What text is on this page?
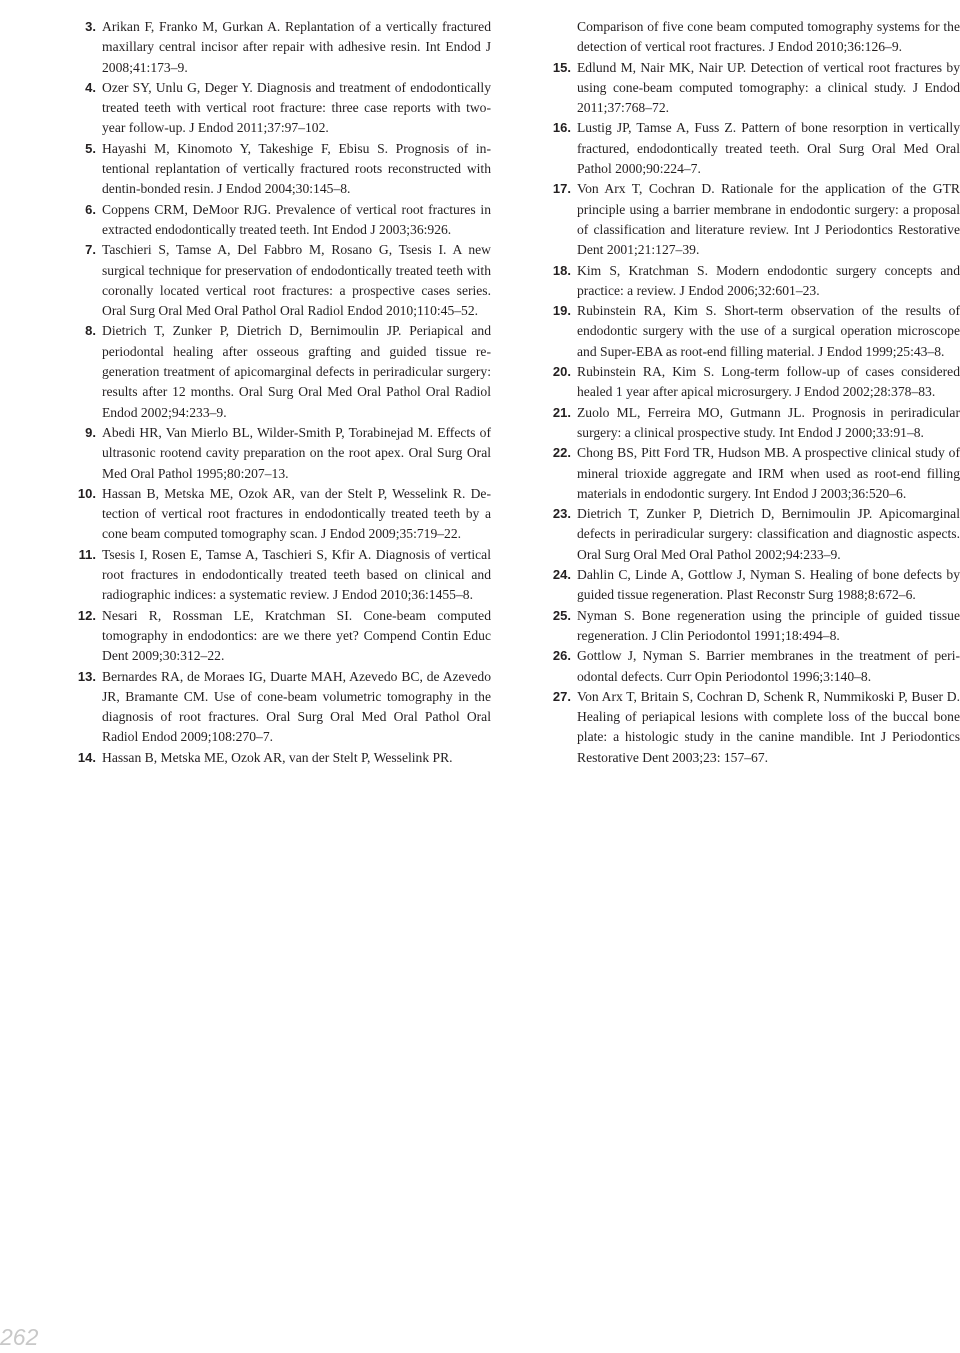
3. Arikan F, Franko M, Gurkan A. Replantation of a vertically fractured maxillary central incisor after repair with adhesive resin. Int Endod J 2008;41:173–9.
4. Ozer SY, Unlu G, Deger Y. Diagnosis and treatment of endodontically treated teeth with vertical root fracture: three case reports with two-year follow-up. J Endod 2011;37:97–102.
5. Hayashi M, Kinomoto Y, Takeshige F, Ebisu S. Prognosis of intentional replantation of vertically fractured roots reconstructed with dentin-bonded resin. J Endod 2004;30:145–8.
6. Coppens CRM, DeMoor RJG. Prevalence of vertical root fractures in extracted endodontically treated teeth. Int Endod J 2003;36:926.
7. Taschieri S, Tamse A, Del Fabbro M, Rosano G, Tsesis I. A new surgical technique for preservation of endodontically treated teeth with coronally located vertical root fractures: a prospective cases series. Oral Surg Oral Med Oral Pathol Oral Radiol Endod 2010;110:45–52.
8. Dietrich T, Zunker P, Dietrich D, Bernimoulin JP. Periapical and periodontal healing after osseous grafting and guided tissue regeneration treatment of apicomarginal defects in periradicular surgery: results after 12 months. Oral Surg Oral Med Oral Pathol Oral Radiol Endod 2002;94:233–9.
9. Abedi HR, Van Mierlo BL, Wilder-Smith P, Torabinejad M. Effects of ultrasonic rootend cavity preparation on the root apex. Oral Surg Oral Med Oral Pathol 1995;80:207–13.
10. Hassan B, Metska ME, Ozok AR, van der Stelt P, Wesselink R. Detection of vertical root fractures in endodontically treated teeth by a cone beam computed tomography scan. J Endod 2009;35:719–22.
11. Tsesis I, Rosen E, Tamse A, Taschieri S, Kfir A. Diagnosis of vertical root fractures in endodontically treated teeth based on clinical and radiographic indices: a systematic review. J Endod 2010;36:1455–8.
12. Nesari R, Rossman LE, Kratchman SI. Cone-beam computed tomography in endodontics: are we there yet? Compend Contin Educ Dent 2009;30:312–22.
13. Bernardes RA, de Moraes IG, Duarte MAH, Azevedo BC, de Azevedo JR, Bramante CM. Use of cone-beam volumetric tomography in the diagnosis of root fractures. Oral Surg Oral Med Oral Pathol Oral Radiol Endod 2009;108:270–7.
14. Hassan B, Metska ME, Ozok AR, van der Stelt P, Wesselink PR.
Comparison of five cone beam computed tomography systems for the detection of vertical root fractures. J Endod 2010;36:126–9.
15. Edlund M, Nair MK, Nair UP. Detection of vertical root fractures by using cone-beam computed tomography: a clinical study. J Endod 2011;37:768–72.
16. Lustig JP, Tamse A, Fuss Z. Pattern of bone resorption in vertically fractured, endodontically treated teeth. Oral Surg Oral Med Oral Pathol 2000;90:224–7.
17. Von Arx T, Cochran D. Rationale for the application of the GTR principle using a barrier membrane in endodontic surgery: a proposal of classification and literature review. Int J Periodontics Restorative Dent 2001;21:127–39.
18. Kim S, Kratchman S. Modern endodontic surgery concepts and practice: a review. J Endod 2006;32:601–23.
19. Rubinstein RA, Kim S. Short-term observation of the results of endodontic surgery with the use of a surgical operation microscope and Super-EBA as root-end filling material. J Endod 1999;25:43–8.
20. Rubinstein RA, Kim S. Long-term follow-up of cases considered healed 1 year after apical microsurgery. J Endod 2002;28:378–83.
21. Zuolo ML, Ferreira MO, Gutmann JL. Prognosis in periradicular surgery: a clinical prospective study. Int Endod J 2000;33:91–8.
22. Chong BS, Pitt Ford TR, Hudson MB. A prospective clinical study of mineral trioxide aggregate and IRM when used as root-end filling materials in endodontic surgery. Int Endod J 2003;36:520–6.
23. Dietrich T, Zunker P, Dietrich D, Bernimoulin JP. Apicomarginal defects in periradicular surgery: classification and diagnostic aspects. Oral Surg Oral Med Oral Pathol 2002;94:233–9.
24. Dahlin C, Linde A, Gottlow J, Nyman S. Healing of bone defects by guided tissue regeneration. Plast Reconstr Surg 1988;8:672–6.
25. Nyman S. Bone regeneration using the principle of guided tissue regeneration. J Clin Periodontol 1991;18:494–8.
26. Gottlow J, Nyman S. Barrier membranes in the treatment of periodontal defects. Curr Opin Periodontol 1996;3:140–8.
27. Von Arx T, Britain S, Cochran D, Schenk R, Nummikoski P, Buser D. Healing of periapical lesions with complete loss of the buccal bone plate: a histologic study in the canine mandible. Int J Periodontics Restorative Dent 2003;23: 157–67.
262
